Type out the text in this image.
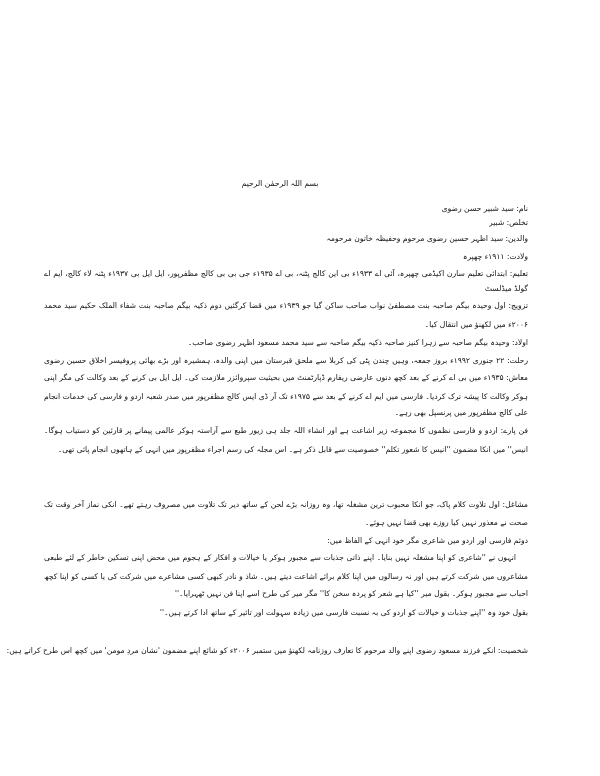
بسم اللہ الرحمٰن الرحیم
نام: سید شبیر حسن رضوی
تخلص: شبیر
والدین: سید اظہر حسین رضوی مرحوم وحفیظہ خاتون مرحومہ
ولادت: ۱۹۱۱ء چھپرہ
تعلیم: ابتدائی تعلیم سارن اکیڈمی چھپرہ، آئی اے ۱۹۳۳ء بی این کالج پٹنہ، بی اے ۱۹۳۵ء جی بی بی کالج مظفرپور، ایل ایل بی ۱۹۳۷ء پٹنہ لاء کالج، ایم اے
گولڈ میڈلسٹ
تزویج: اول وحیدہ بیگم صاحبہ بنت مصطفیٰ نواب صاحب ساکن گیا جو ۱۹۳۹ء میں قضا کرگئیں دوم ذکیہ بیگم صاحبہ بنت شفاء الملک حکیم سید محمد
۲۰۰۶ء میں لکھنؤ میں انتقال کیا۔
اولاد: وحیدہ بیگم صاحبہ سے زہرا کنیز صاحبہ ذکیہ بیگم صاحبہ سے سید محمد مسعود اظہر رضوی صاحب۔
رحلت: ۲۲ جنوری ۱۹۹۲ء بروز جمعہ، وہیں چندن پٹی کی کربلا سے ملحق قبرستان میں اپنی والدہ، ہمشیرہ اور بڑے بھائی پروفیسر اخلاق حسین رضوی
معاش: ۱۹۳۵ء میں بی اے کرنے کے بعد کچھ دنوں عارضی ریفارم ڈپارٹمنٹ میں بحیثیت سپروائزر ملازمت کی۔ ایل ایل بی کرنے کے بعد وکالت کی مگر اپنی
ہوکر وکالت کا پیشہ ترک کردیا۔ فارسی میں ایم اے کرنے کے بعد سے ۱۹۷۵ء تک آر ڈی ایس کالج مظفرپور میں صدر شعبہ اردو و فارسی کی خدمات انجام
علی کالج مظفرپور میں پرنسپل بھی رہے۔
فن پارے: اردو و فارسی نظموں کا مجموعہ زیر اشاعت ہے اور انشاء اللہ جلد ہی زیور طبع سے آراستہ ہوکر عالمی پیمانے پر قارئین کو دستیاب ہوگا۔
انیس'' میں انکا مضمون ''انیس کا شعور تکلم'' خصوصیت سے قابل ذکر ہے۔ اس مجلہ کی رسم اجراء مظفرپور میں انہی کے ہاتھوں انجام پائی تھی۔
مشاغل: اول تلاوت کلام پاک، جو انکا محبوب ترین مشغلہ تھا، وہ روزانہ بڑے لحن کے ساتھ دیر تک تلاوت میں مصروف رہتے تھے۔ انکی نماز آخر وقت تک
صحت نے معذور نہیں کیا روزے بھی قضا نہیں ہوئے۔
دوئم فارسی اور اردو میں شاعری مگر خود انہی کے الفاظ میں:
انہوں نے ''شاعری کو اپنا مشغلہ نہیں بنایا۔ اپنے ذاتی جذبات سے مجبور ہوکر یا خیالات و افکار کے ہجوم میں محض اپنی تسکین خاطر کے لئے طبعی
مشاعروں میں شرکت کرتے ہیں اور نہ رسالوں میں اپنا کلام برائے اشاعت دیتے ہیں۔ شاذ و نادر کبھی کسی مشاعرے میں شرکت کی یا کسی کو اپنا کچھ
احباب سے مجبور ہوکر۔ بقول میر ''کیا ہے شعر کو پردہ سخن کا'' مگر میر کی طرح اسے اپنا فن نہیں ٹھہرایا۔''
بقول خود وہ ''اپنے جذبات و خیالات کو اردو کی بہ نسبت فارسی میں زیادہ سہولت اور تاثیر کے ساتھ ادا کرتے ہیں۔''
شخصیت: انکے فرزند مسعود رضوی اپنے والد مرحوم کا تعارف روزنامہ لکھنؤ میں ستمبر ۲۰۰۶ء کو شائع اپنے مضمون 'نشان مردِ مومن' میں کچھ اس طرح کراتے ہیں:
